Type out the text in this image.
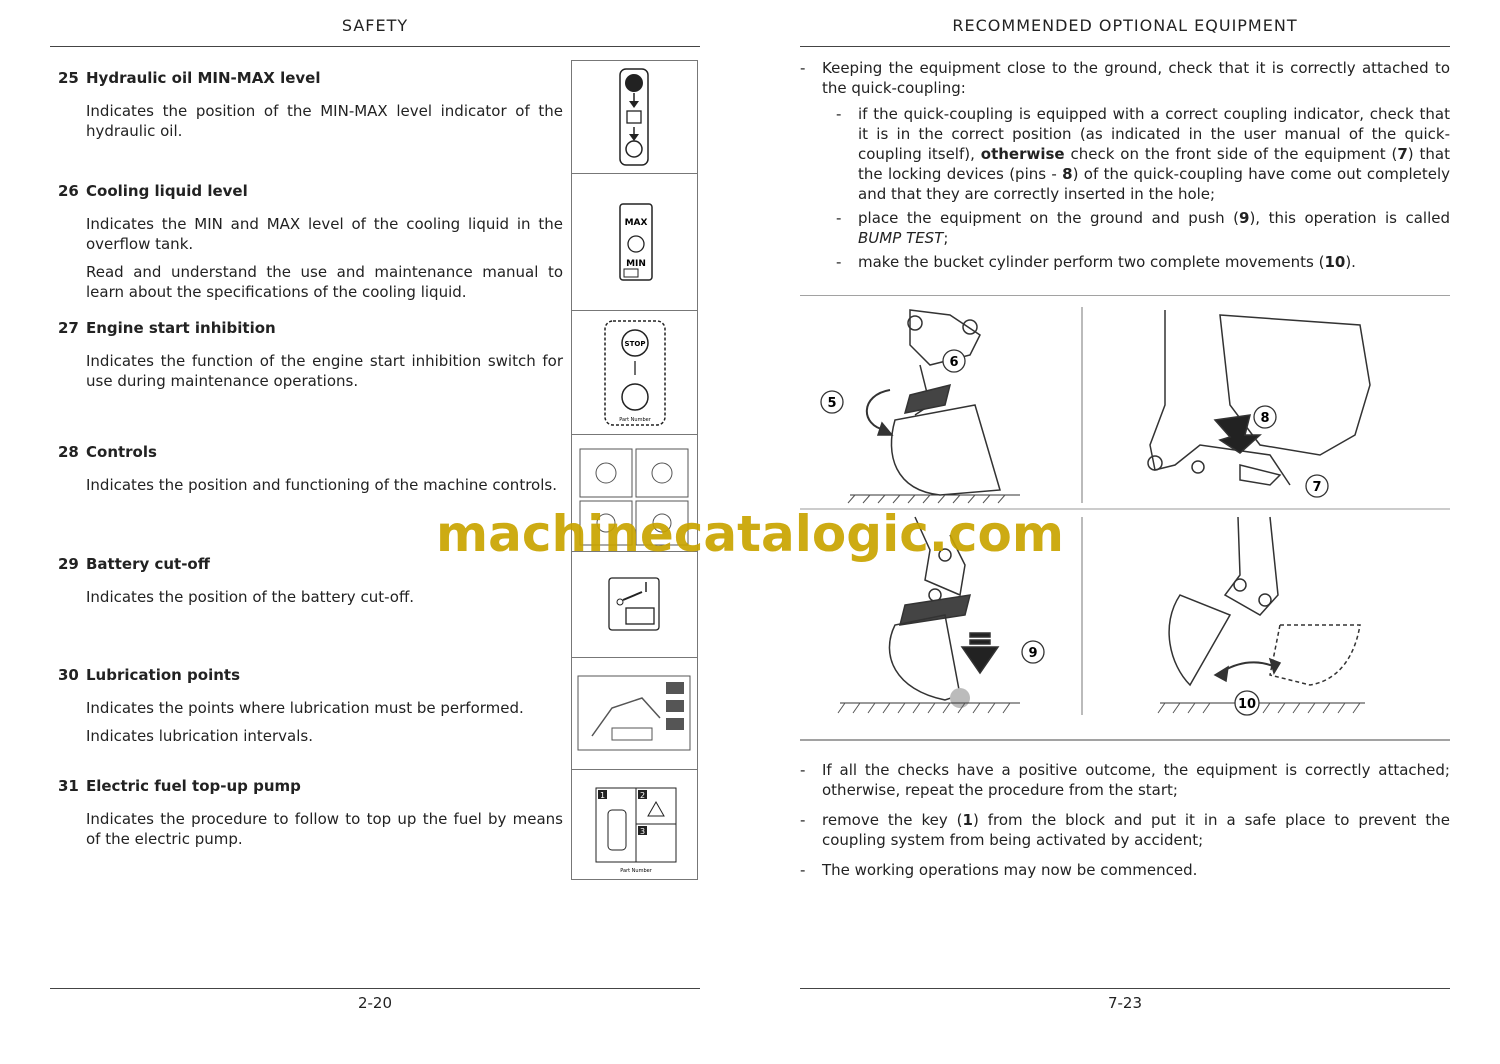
SAFETY
25 Hydraulic oil MIN-MAX level

Indicates the position of the MIN-MAX level indicator of the hydraulic oil.

26 Cooling liquid level

Indicates the MIN and MAX level of the cooling liquid in the overflow tank.

Read and understand the use and maintenance manual to learn about the specifications of the cooling liquid.

27 Engine start inhibition

Indicates the function of the engine start inhibition switch for use during maintenance operations.

28 Controls

Indicates the position and functioning of the machine controls.

29 Battery cut-off

Indicates the position of the battery cut-off.

30 Lubrication points

Indicates the points where lubrication must be performed.

Indicates lubrication intervals.

31 Electric fuel top-up pump

Indicates the procedure to follow to top up the fuel by means of the electric pump.

MAX
MIN
STOP
Part Number
1	2
3
Part Number
2-20
RECOMMENDED OPTIONAL EQUIPMENT
- Keeping the equipment close to the ground, check that it is correctly attached to the quick-coupling:
- if the quick-coupling is equipped with a correct coupling indicator, check that it is in the correct position (as indicated in the user manual of the quick-coupling itself), otherwise check on the front side of the equipment (7) that the locking devices (pins - 8) of the quick-coupling have come out completely and that they are correctly inserted in the hole;
- place the equipment on the ground and push (9), this operation is called BUMP TEST;
- make the bucket cylinder perform two complete movements (10).
5
6
8
7
9
10
- If all the checks have a positive outcome, the equipment is correctly attached; otherwise, repeat the procedure from the start;
- remove the key (1) from the block and put it in a safe place to prevent the coupling system from being activated by accident;
- The working operations may now be commenced.
7-23
machinecatalogic.com
